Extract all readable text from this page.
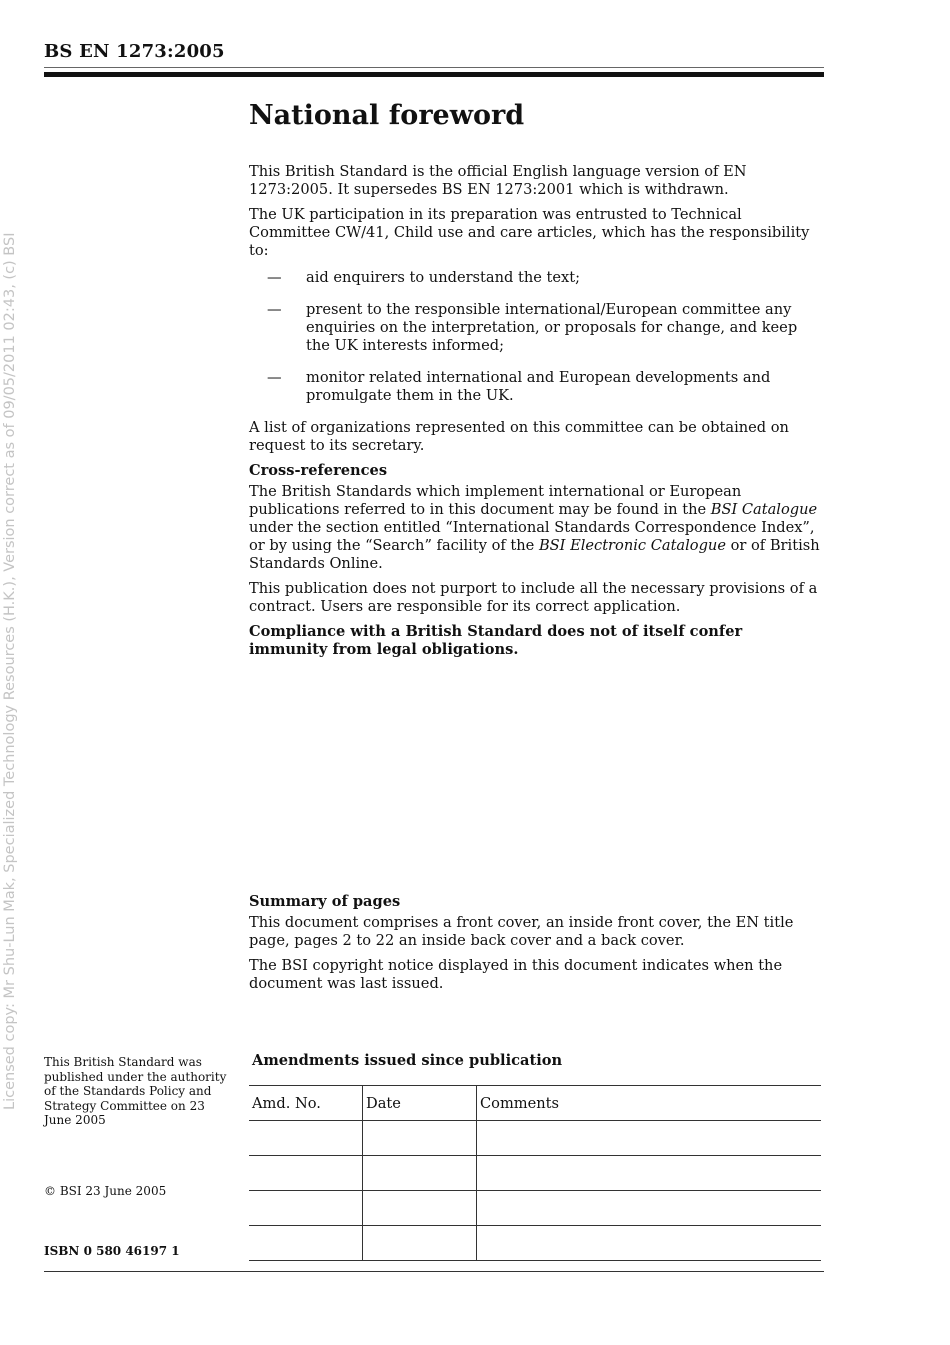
BS EN 1273:2005
Licensed copy: Mr Shu-Lun Mak, Specialized Technology Resources (H.K.), Version correct as of 09/05/2011 02:43, (c) BSI
National foreword

This British Standard is the official English language version of EN 1273:2005. It supersedes BS EN 1273:2001 which is withdrawn.

The UK participation in its preparation was entrusted to Technical Committee CW/41, Child use and care articles, which has the responsibility to:

— aid enquirers to understand the text;
— present to the responsible international/European committee any enquiries on the interpretation, or proposals for change, and keep the UK interests informed;
— monitor related international and European developments and promulgate them in the UK.

A list of organizations represented on this committee can be obtained on request to its secretary.

Cross-references

The British Standards which implement international or European publications referred to in this document may be found in the BSI Catalogue under the section entitled “International Standards Correspondence Index”, or by using the “Search” facility of the BSI Electronic Catalogue or of British Standards Online.

This publication does not purport to include all the necessary provisions of a contract. Users are responsible for its correct application.

Compliance with a British Standard does not of itself confer immunity from legal obligations.

Summary of pages

This document comprises a front cover, an inside front cover, the EN title page, pages 2 to 22 an inside back cover and a back cover.

The BSI copyright notice displayed in this document indicates when the document was last issued.

This British Standard was published under the authority of the Standards Policy and Strategy Committee on 23 June 2005
© BSI 23 June 2005
ISBN 0 580 46197 1
Amendments issued since publication
Amd. No.	Date	Comments
